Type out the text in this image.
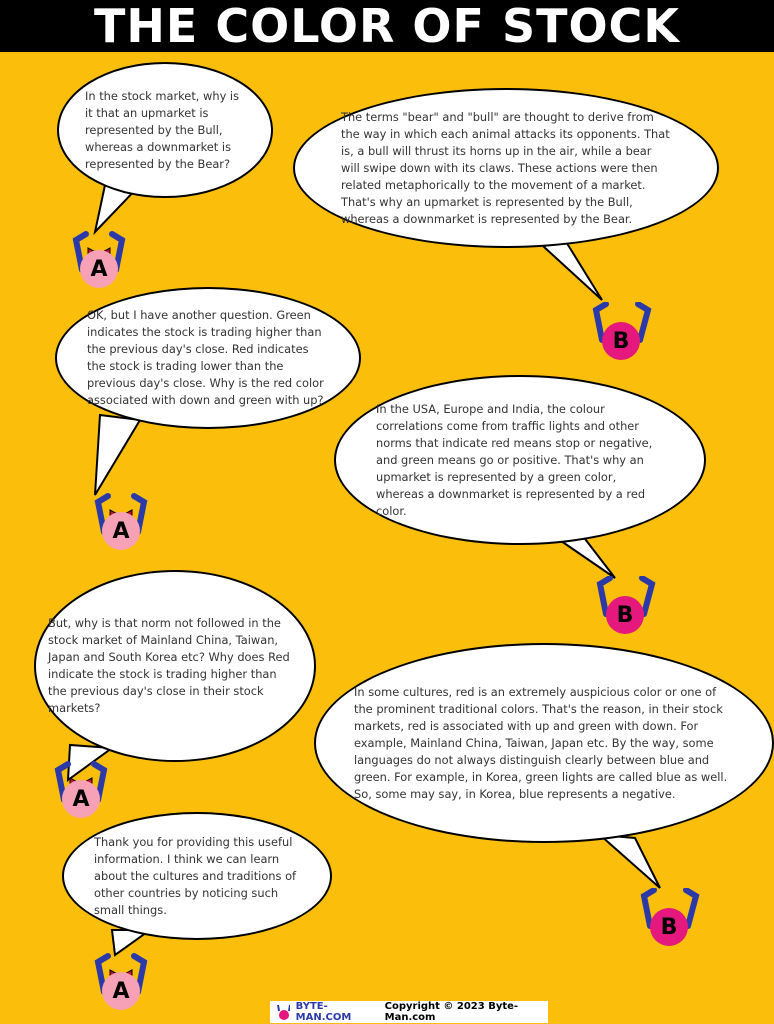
THE COLOR OF STOCK

In the stock market, why is it that an upmarket is represented by the Bull, whereas a downmarket is represented by the Bear?

The terms "bear" and "bull" are thought to derive from the way in which each animal attacks its opponents. That is, a bull will thrust its horns up in the air, while a bear will swipe down with its claws. These actions were then related metaphorically to the movement of a market. That's why an upmarket is represented by the Bull, whereas a downmarket is represented by the Bear.

OK, but I have another question. Green indicates the stock is trading higher than the previous day's close. Red indicates the stock is trading lower than the previous day's close. Why is the red color associated with down and green with up?

In the USA, Europe and India, the colour correlations come from traffic lights and other norms that indicate red means stop or negative, and green means go or positive. That's why an upmarket is represented by a green color, whereas a downmarket is represented by a red color.

But, why is that norm not followed in the stock market of Mainland China, Taiwan, Japan and South Korea etc? Why does Red indicate the stock is trading higher than the previous day's close in their stock markets?

In some cultures, red is an extremely auspicious color or one of the prominent traditional colors. That's the reason, in their stock markets, red is associated with up and green with down. For example, Mainland China, Taiwan, Japan etc. By the way, some languages do not always distinguish clearly between blue and green. For example, in Korea, green lights are called blue as well. So, some may say, in Korea, blue represents a negative.

Thank you for providing this useful information. I think we can learn about the cultures and traditions of other countries by noticing such small things.

A
B
A
B
A
B
A
BYTE-MAN.COM
Copyright © 2023 Byte-Man.com
